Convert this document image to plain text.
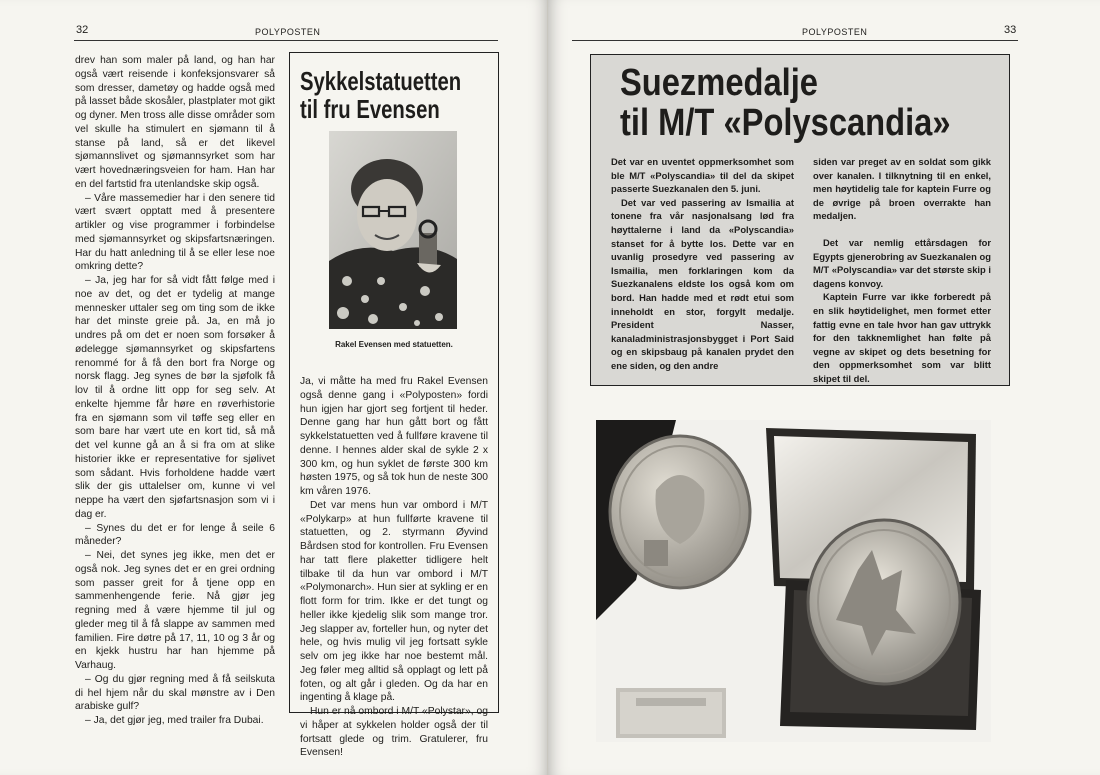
32	POLYPOSTEN

drev han som maler på land, og han har også vært reisende i konfeksjonsvarer så som dresser, dametøy og hadde også med på lasset både skosåler, plastplater mot gikt og dyner. Men tross alle disse områder som vel skulle ha stimulert en sjømann til å stanse på land, så er det likevel sjømannslivet og sjømannsyrket som har vært hovednæringsveien for ham. Han har en del fartstid fra utenlandske skip også.

– Våre massemedier har i den senere tid vært svært opptatt med å presentere artikler og vise programmer i forbindelse med sjømannsyrket og skipsfartsnæringen. Har du hatt anledning til å se eller lese noe omkring dette?

– Ja, jeg har for så vidt fått følge med i noe av det, og det er tydelig at mange mennesker uttaler seg om ting som de ikke har det minste greie på. Ja, en må jo undres på om det er noen som forsøker å ødelegge sjømannsyrket og skipsfartens renommé for å få den bort fra Norge og norsk flagg. Jeg synes de bør la sjøfolk få lov til å ordne litt opp for seg selv. At enkelte hjemme får høre en røverhistorie fra en sjømann som vil tøffe seg eller en som bare har vært ute en kort tid, så må det vel kunne gå an å si fra om at slike historier ikke er representative for sjølivet som sådant. Hvis forholdene hadde vært slik der gis uttalelser om, kunne vi vel neppe ha vært den sjøfartsnasjon som vi i dag er.

– Synes du det er for lenge å seile 6 måneder?

– Nei, det synes jeg ikke, men det er også nok. Jeg synes det er en grei ordning som passer greit for å tjene opp en sammenhengende ferie. Nå gjør jeg regning med å være hjemme til jul og gleder meg til å få slappe av sammen med familien. Fire døtre på 17, 11, 10 og 3 år og en kjekk hustru har han hjemme på Varhaug.

– Og du gjør regning med å få seilskuta di hel hjem når du skal mønstre av i Den arabiske gulf?

– Ja, det gjør jeg, med trailer fra Dubai.

Sykkelstatuetten
til fru Evensen
Rakel Evensen med statuetten.

Ja, vi måtte ha med fru Rakel Evensen også denne gang i «Polyposten» fordi hun igjen har gjort seg fortjent til heder. Denne gang har hun gått bort og fått sykkelstatuetten ved å fullføre kravene til denne. I hennes alder skal de sykle 2 x 300 km, og hun syklet de første 300 km høsten 1975, og så tok hun de neste 300 km våren 1976.

Det var mens hun var ombord i M/T «Polykarp» at hun fullførte kravene til statuetten, og 2. styrmann Øyvind Bårdsen stod for kontrollen. Fru Evensen har tatt flere plaketter tidligere helt tilbake til da hun var ombord i M/T «Polymonarch». Hun sier at sykling er en flott form for trim. Ikke er det tungt og heller ikke kjedelig slik som mange tror. Jeg slapper av, forteller hun, og nyter det hele, og hvis mulig vil jeg fortsatt sykle selv om jeg ikke har noe bestemt mål. Jeg føler meg alltid så opplagt og lett på foten, og alt går i gleden. Og da har en ingenting å klage på.

Hun er nå ombord i M/T «Polystar», og vi håper at sykkelen holder også der til fortsatt glede og trim. Gratulerer, fru Evensen!

POLYPOSTEN	33
Suezmedalje
til M/T «Polyscandia»

Det var en uventet oppmerksomhet som ble M/T «Polyscandia» til del da skipet passerte Suezkanalen den 5. juni.

Det var ved passering av Ismailia at tonene fra vår nasjonalsang lød fra høyttalerne i land da «Polyscandia» stanset for å bytte los. Dette var en uvanlig prosedyre ved passering av Ismailia, men forklaringen kom da Suezkanalens eldste los også kom om bord. Han hadde med et rødt etui som inneholdt en stor, forgylt medalje. President Nasser, kanaladministrasjonsbygget i Port Said og en skipsbaug på kanalen prydet den ene siden, og den andre

siden var preget av en soldat som gikk over kanalen. I tilknytning til en enkel, men høytidelig tale for kaptein Furre og de øvrige på broen overrakte han medaljen.

Det var nemlig ettårsdagen for Egypts gjenerobring av Suezkanalen og M/T «Polyscandia» var det største skip i dagens konvoy.

Kaptein Furre var ikke forberedt på en slik høytidelighet, men formet etter fattig evne en tale hvor han gav uttrykk for den takknemlighet han følte på vegne av skipet og dets besetning for den oppmerksomhet som var blitt skipet til del.
